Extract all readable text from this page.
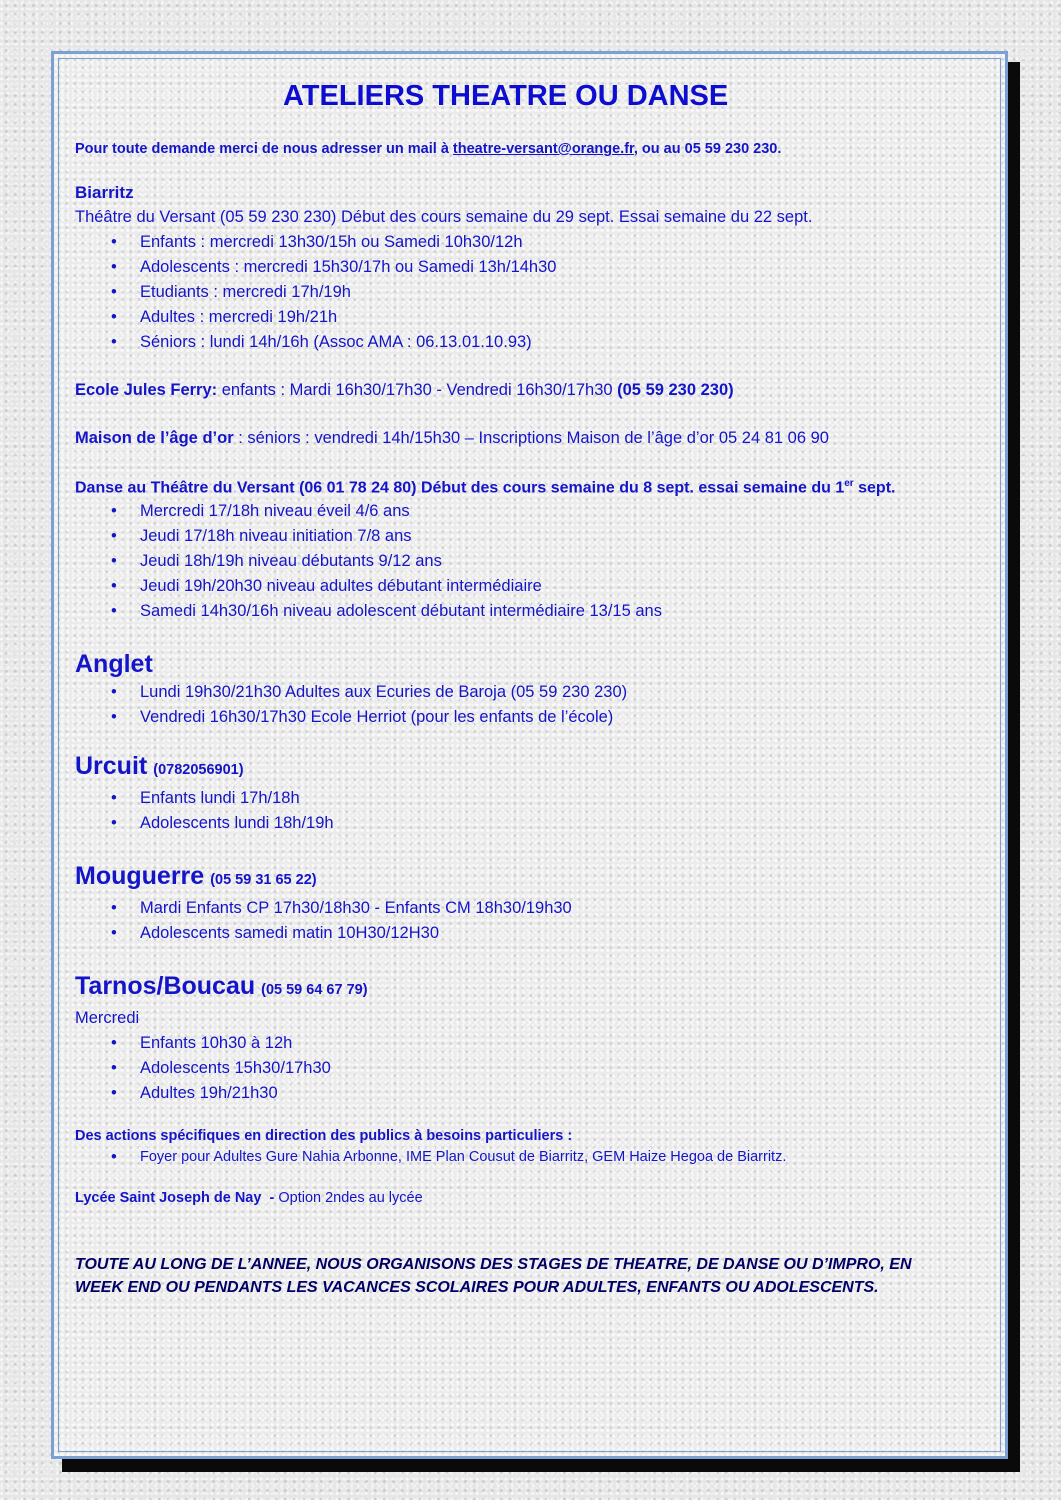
ATELIERS THEATRE OU DANSE
Pour toute demande merci de nous adresser un mail à theatre-versant@orange.fr, ou au 05 59 230 230.
Biarritz
Théâtre du Versant (05 59 230 230) Début des cours semaine du 29 sept. Essai semaine du 22 sept.
• Enfants : mercredi 13h30/15h ou Samedi 10h30/12h
• Adolescents : mercredi 15h30/17h ou Samedi 13h/14h30
• Etudiants : mercredi 17h/19h
• Adultes : mercredi 19h/21h
• Séniors : lundi 14h/16h (Assoc AMA : 06.13.01.10.93)
Ecole Jules Ferry: enfants : Mardi 16h30/17h30 - Vendredi 16h30/17h30 (05 59 230 230)
Maison de l’âge d’or : séniors : vendredi 14h/15h30 – Inscriptions Maison de l’âge d’or 05 24 81 06 90
Danse au Théâtre du Versant (06 01 78 24 80) Début des cours semaine du 8 sept. essai semaine du 1er sept.
• Mercredi 17/18h niveau éveil 4/6 ans
• Jeudi 17/18h niveau initiation 7/8 ans
• Jeudi 18h/19h niveau débutants 9/12 ans
• Jeudi 19h/20h30 niveau adultes débutant intermédiaire
• Samedi 14h30/16h niveau adolescent débutant intermédiaire 13/15 ans
Anglet
• Lundi 19h30/21h30 Adultes aux Ecuries de Baroja (05 59 230 230)
• Vendredi 16h30/17h30 Ecole Herriot (pour les enfants de l’école)
Urcuit (0782056901)
• Enfants lundi 17h/18h
• Adolescents lundi 18h/19h
Mouguerre (05 59 31 65 22)
• Mardi Enfants CP 17h30/18h30 - Enfants CM 18h30/19h30
• Adolescents samedi matin 10H30/12H30
Tarnos/Boucau (05 59 64 67 79)
Mercredi
• Enfants 10h30 à 12h
• Adolescents 15h30/17h30
• Adultes 19h/21h30
Des actions spécifiques en direction des publics à besoins particuliers :
• Foyer pour Adultes Gure Nahia Arbonne, IME Plan Cousut de Biarritz, GEM Haize Hegoa de Biarritz.
Lycée Saint Joseph de Nay  - Option 2ndes au lycée
TOUTE AU LONG DE L’ANNEE, NOUS ORGANISONS DES STAGES DE THEATRE, DE DANSE OU D’IMPRO, EN WEEK END OU PENDANTS LES VACANCES SCOLAIRES POUR ADULTES, ENFANTS OU ADOLESCENTS.
